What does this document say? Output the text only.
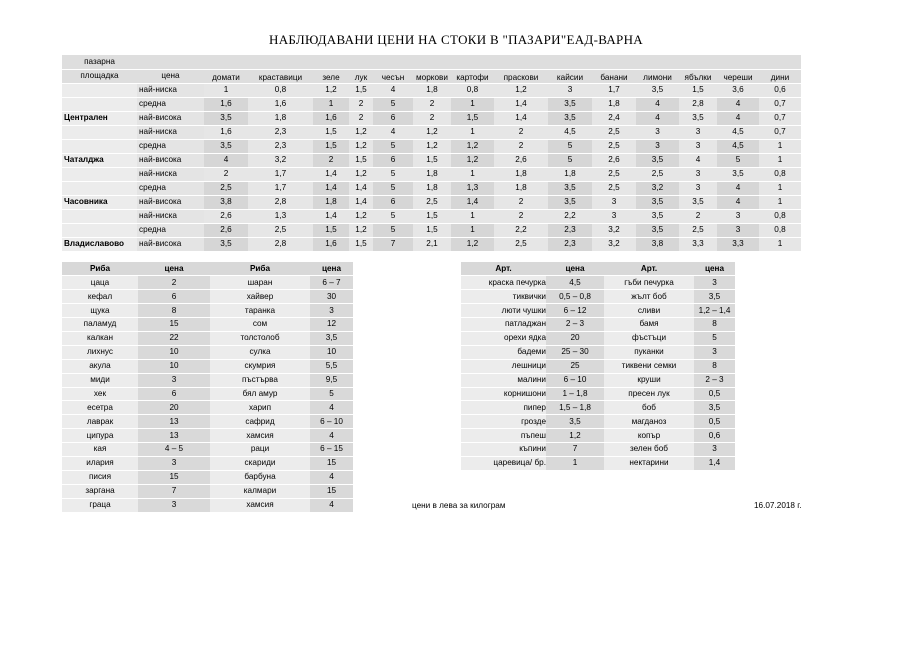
НАБЛЮДАВАНИ ЦЕНИ НА СТОКИ В "ПАЗАРИ"ЕАД-ВАРНА
пазарна															
площадка	цена	домати	краставици	зеле	лук	чесън	моркови	картофи	праскови	кайсии	банани	лимони	ябълки	череши	дини
	най-ниска	1	0,8	1,2	1,5	4	1,8	0,8	1,2	3	1,7	3,5	1,5	3,6	0,6
	средна	1,6	1,6	1	2	5	2	1	1,4	3,5	1,8	4	2,8	4	0,7
Централен	най-висока	3,5	1,8	1,6	2	6	2	1,5	1,4	3,5	2,4	4	3,5	4	0,7
	най-ниска	1,6	2,3	1,5	1,2	4	1,2	1	2	4,5	2,5	3	3	4,5	0,7
	средна	3,5	2,3	1,5	1,2	5	1,2	1,2	2	5	2,5	3	3	4,5	1
Чаталджа	най-висока	4	3,2	2	1,5	6	1,5	1,2	2,6	5	2,6	3,5	4	5	1
	най-ниска	2	1,7	1,4	1,2	5	1,8	1	1,8	1,8	2,5	2,5	3	3,5	0,8
	средна	2,5	1,7	1,4	1,4	5	1,8	1,3	1,8	3,5	2,5	3,2	3	4	1
Часовника	най-висока	3,8	2,8	1,8	1,4	6	2,5	1,4	2	3,5	3	3,5	3,5	4	1
	най-ниска	2,6	1,3	1,4	1,2	5	1,5	1	2	2,2	3	3,5	2	3	0,8
	средна	2,6	2,5	1,5	1,2	5	1,5	1	2,2	2,3	3,2	3,5	2,5	3	0,8
Владиславово	най-висока	3,5	2,8	1,6	1,5	7	2,1	1,2	2,5	2,3	3,2	3,8	3,3	3,3	1
Риба	цена	Риба	цена
цаца	2	шаран	6 – 7
кефал	6	хайвер	30
щука	8	таранка	3
паламуд	15	сом	12
калкан	22	толстолоб	3,5
лихнус	10	сулка	10
акула	10	скумрия	5,5
миди	3	пъстърва	9,5
хек	6	бял амур	5
есетра	20	харип	4
лаврак	13	сафрид	6 – 10
ципура	13	хамсия	4
кая	4 – 5	раци	6 – 15
илария	3	скариди	15
писия	15	барбуна	4
заргана	7	калмари	15
граца	3	хамсия	4
Арт.	цена	Арт.	цена
краска печурка	4,5	гъби печурка	3
тиквички	0,5 – 0,8	жълт боб	3,5
люти чушки	6 – 12	сливи	1,2 – 1,4
патладжан	2 – 3	бамя	8
орехи ядка	20	фъстъци	5
бадеми	25 – 30	пуканки	3
лешници	25	тиквени семки	8
малини	6 – 10	круши	2 – 3
корнишони	1 – 1,8	пресен лук	0,5
пипер	1,5 – 1,8	боб	3,5
грозде	3,5	магданоз	0,5
пъпеш	1,2	копър	0,6
къпини	7	зелен боб	3
царевица/ бр.	1	нектарини	1,4
цени в лева за килограм	16.07.2018 г.
